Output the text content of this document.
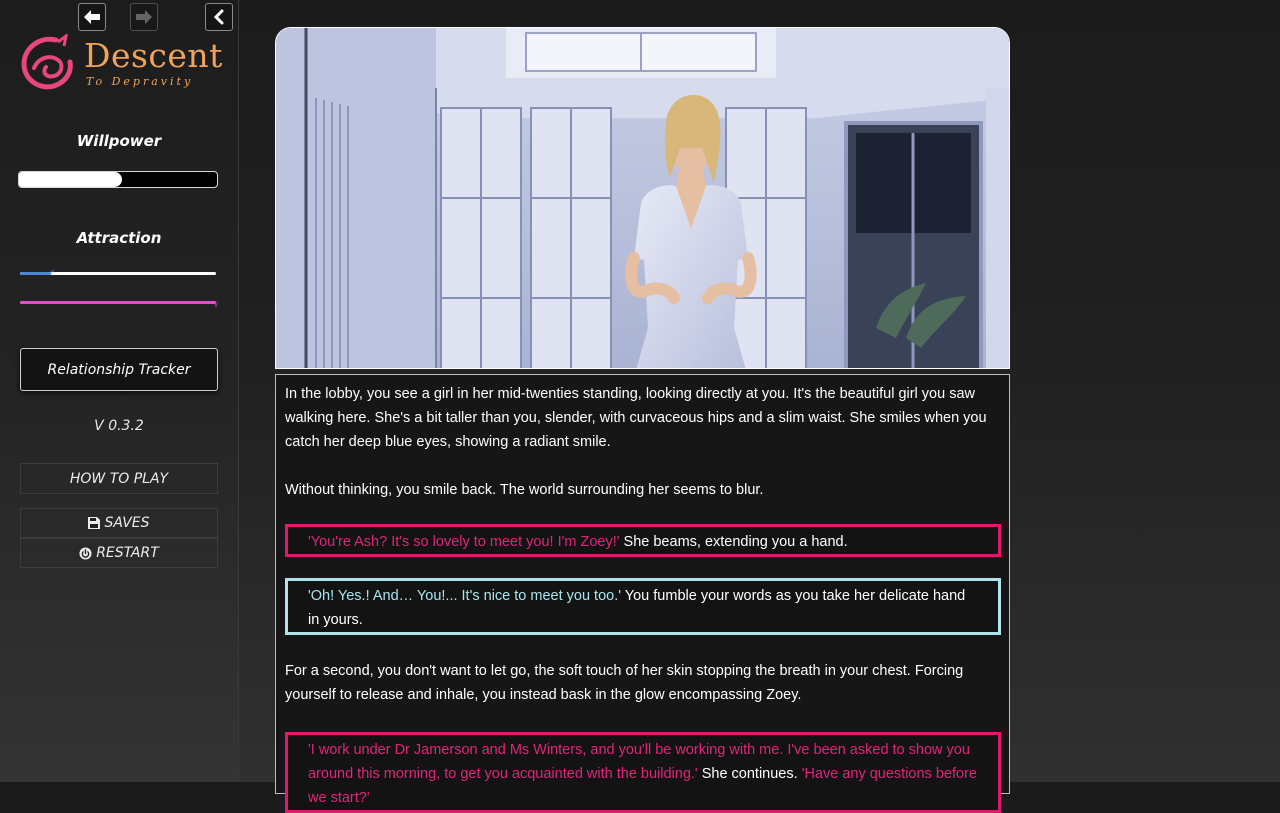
Descent
To Depravity
Willpower
Attraction
♂
♀
Relationship Tracker
V 0.3.2
HOW TO PLAY
SAVES
RESTART

In the lobby, you see a girl in her mid-twenties standing, looking directly at you. It's the beautiful girl you saw walking here. She's a bit taller than you, slender, with curvaceous hips and a slim waist. She smiles when you catch her deep blue eyes, showing a radiant smile.

Without thinking, you smile back. The world surrounding her seems to blur.

'You're Ash? It's so lovely to meet you! I'm Zoey!' She beams, extending you a hand.
'Oh! Yes.! And… You!... It's nice to meet you too.' You fumble your words as you take her delicate hand in yours.

For a second, you don't want to let go, the soft touch of her skin stopping the breath in your chest. Forcing yourself to release and inhale, you instead bask in the glow encompassing Zoey.

'I work under Dr Jamerson and Ms Winters, and you'll be working with me. I've been asked to show you around this morning, to get you acquainted with the building.' She continues. 'Have any questions before we start?'
